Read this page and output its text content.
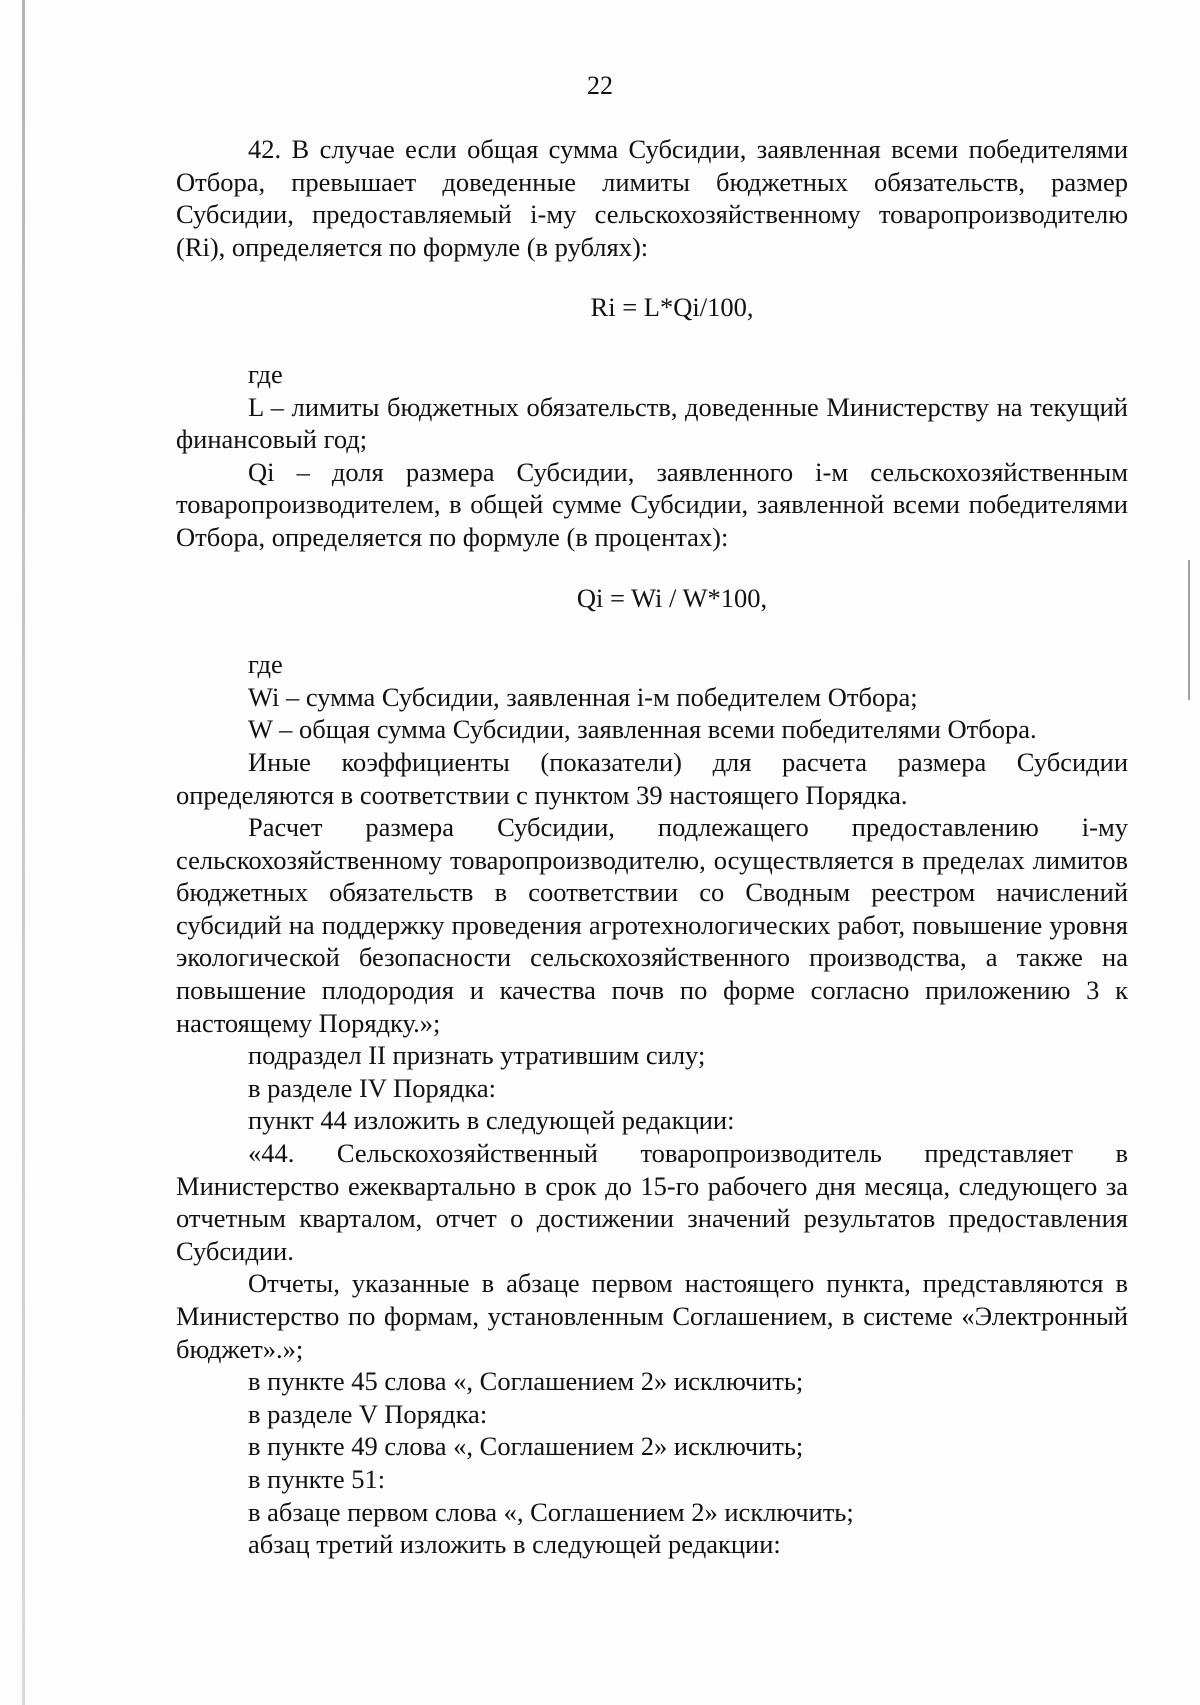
22

42. В случае если общая сумма Субсидии, заявленная всеми победителями Отбора, превышает доведенные лимиты бюджетных обязательств, размер Субсидии, предоставляемый i-му сельскохозяйственному товаропроизводителю (Ri), определяется по формуле (в рублях):

Ri = L*Qi/100,

где

L – лимиты бюджетных обязательств, доведенные Министерству на текущий финансовый год;

Qi – доля размера Субсидии, заявленного i-м сельскохозяйственным товаропроизводителем, в общей сумме Субсидии, заявленной всеми победителями Отбора, определяется по формуле (в процентах):

Qi = Wi / W*100,

где

Wi – сумма Субсидии, заявленная i-м победителем Отбора;

W – общая сумма Субсидии, заявленная всеми победителями Отбора.

Иные коэффициенты (показатели) для расчета размера Субсидии определяются в соответствии с пунктом 39 настоящего Порядка.

Расчет размера Субсидии, подлежащего предоставлению i-му сельскохозяйственному товаропроизводителю, осуществляется в пределах лимитов бюджетных обязательств в соответствии со Сводным реестром начислений субсидий на поддержку проведения агротехнологических работ, повышение уровня экологической безопасности сельскохозяйственного производства, а также на повышение плодородия и качества почв по форме согласно приложению 3 к настоящему Порядку.»;

подраздел II признать утратившим силу;

в разделе IV Порядка:

пункт 44 изложить в следующей редакции:

«44. Сельскохозяйственный товаропроизводитель представляет в Министерство ежеквартально в срок до 15-го рабочего дня месяца, следующего за отчетным кварталом, отчет о достижении значений результатов предоставления Субсидии.

Отчеты, указанные в абзаце первом настоящего пункта, представляются в Министерство по формам, установленным Соглашением, в системе «Электронный бюджет».»;

в пункте 45 слова «, Соглашением 2» исключить;

в разделе V Порядка:

в пункте 49 слова «, Соглашением 2» исключить;

в пункте 51:

в абзаце первом слова «, Соглашением 2» исключить;

абзац третий изложить в следующей редакции:
